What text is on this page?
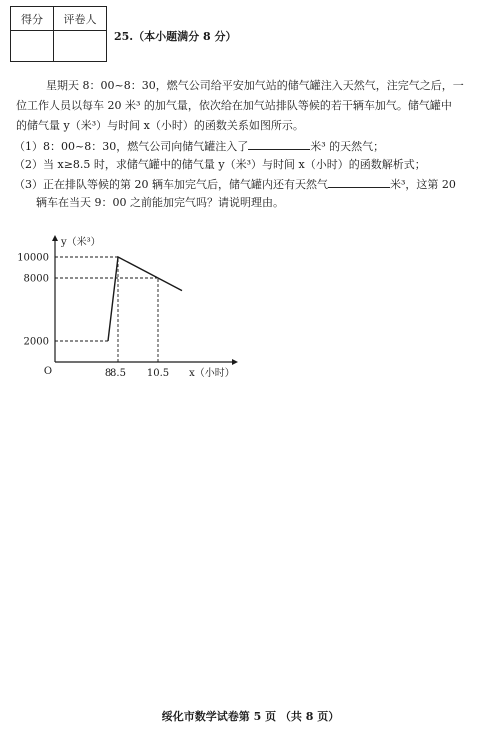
得分	评卷人

25.（本小题满分 8 分）
星期天 8：00~8：30，燃气公司给平安加气站的储气罐注入天然气，注完气之后，一
位工作人员以每车 20 米³ 的加气量，依次给在加气站排队等候的若干辆车加气。储气罐中
的储气量 y（米³）与时间 x（小时）的函数关系如图所示。
（1）8：00~8：30，燃气公司向储气罐注入了	米³ 的天然气；
（2）当 x≥8.5 时，求储气罐中的储气量 y（米³）与时间 x（小时）的函数解析式；
（3）正在排队等候的第 20 辆车加完气后，储气罐内还有天然气	米³，这第 20
辆车在当天 9：00 之前能加完气吗？请说明理由。
y（米³）
x（小时）
O
2000
8000
10000
8
8.5 10.5
绥化市数学试卷第 5 页 （共 8 页）
